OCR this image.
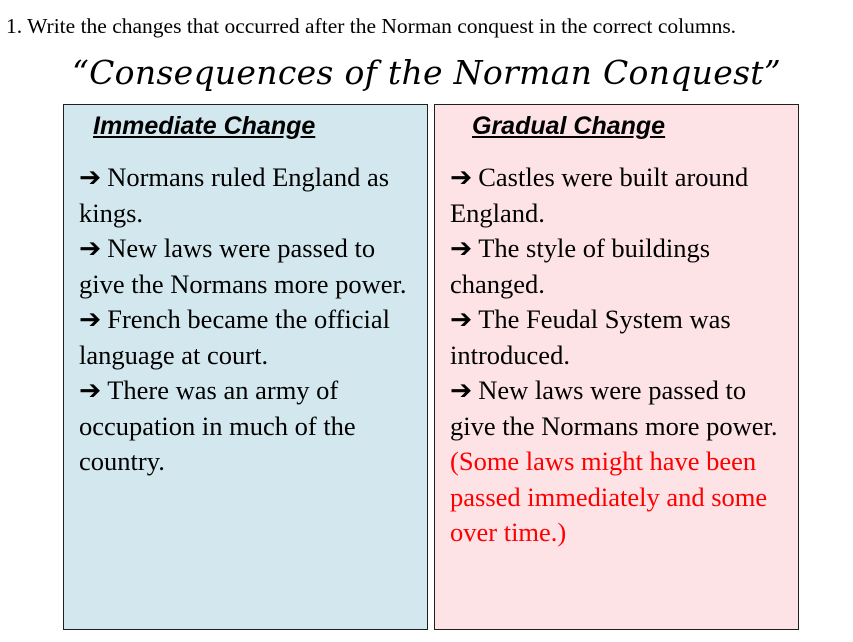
1. Write the changes that occurred after the Norman conquest in the correct columns.
“Consequences of the Norman Conquest”
Immediate Change
➔ Normans ruled England as kings.
➔ New laws were passed to give the Normans more power.
➔ French became the official language at court.
➔ There was an army of occupation in much of the country.
Gradual Change
➔ Castles were built around England.
➔ The style of buildings changed.
➔ The Feudal System was introduced.
➔ New laws were passed to give the Normans more power. (Some laws might have been passed immediately and some over time.)
